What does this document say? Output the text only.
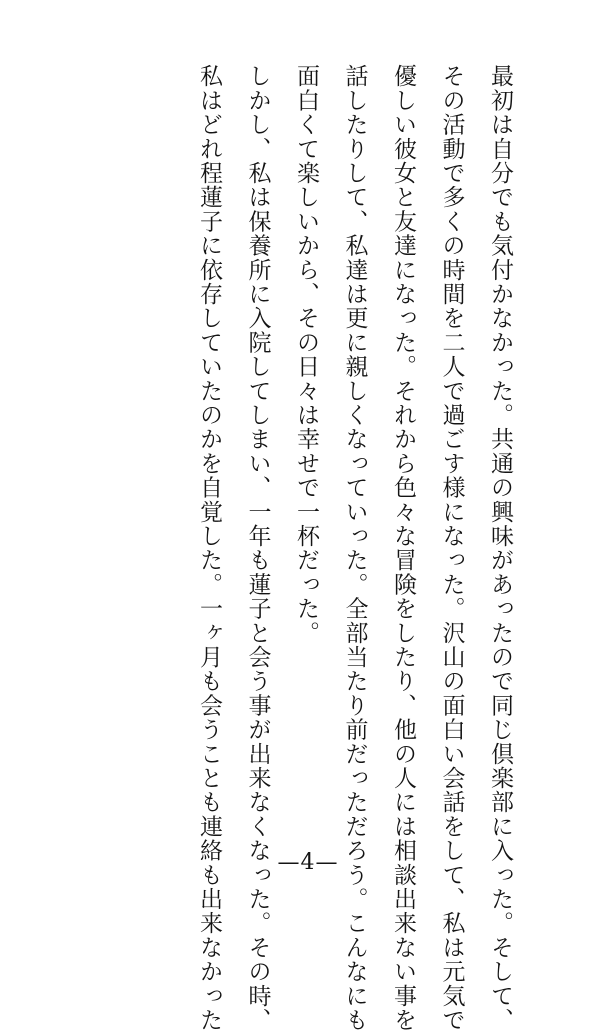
最初は自分でも気付かなかった。共通の興味があったので同じ倶楽部に入った。そして、
その活動で多くの時間を二人で過ごす様になった。沢山の面白い会話をして、私は元気で
優しい彼女と友達になった。それから色々な冒険をしたり、他の人には相談出来ない事を
話したりして、私達は更に親しくなっていった。全部当たり前だっただろう。こんなにも
面白くて楽しいから、その日々は幸せで一杯だった。
しかし、私は保養所に入院してしまい、一年も蓮子と会う事が出来なくなった。その時、
私はどれ程蓮子に依存していたのかを自覚した。一ヶ月も会うことも連絡も出来なかった	—4—
